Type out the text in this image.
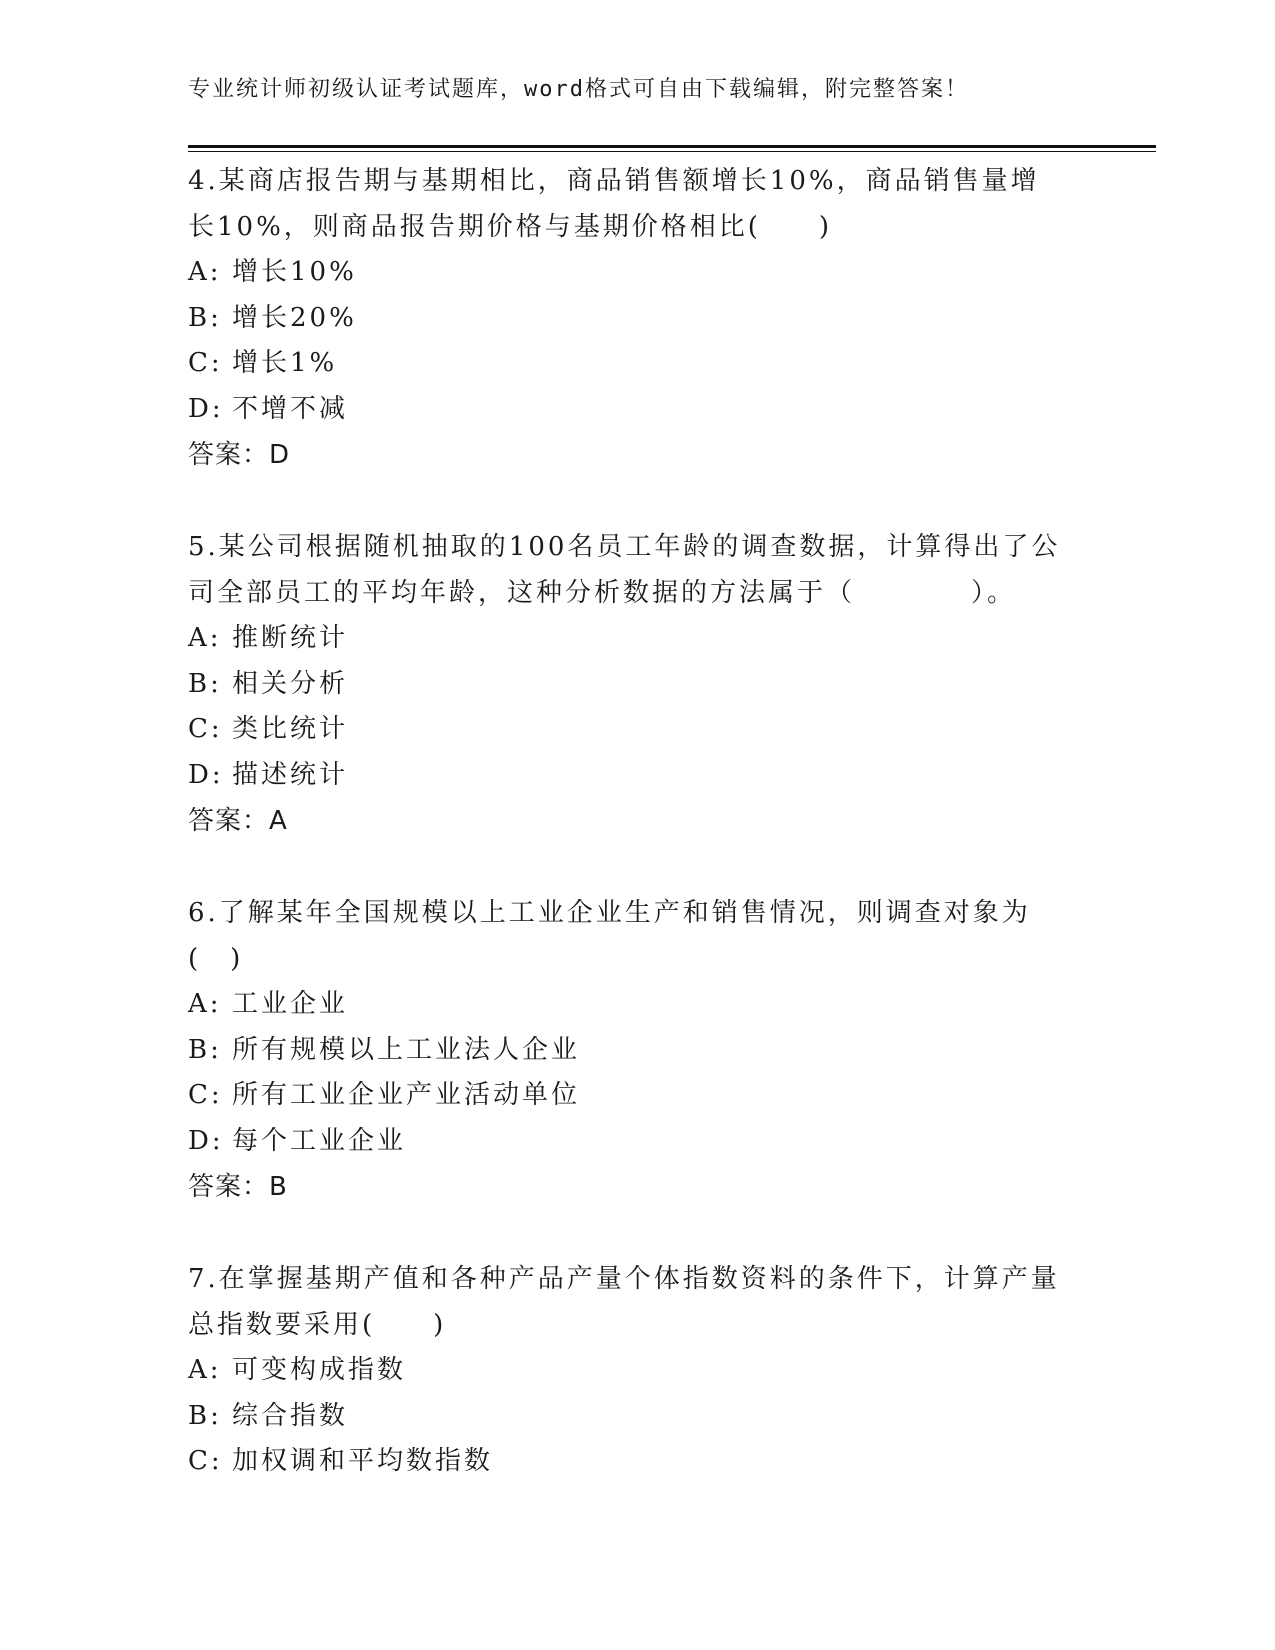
专业统计师初级认证考试题库，word格式可自由下载编辑，附完整答案！
4.某商店报告期与基期相比，商品销售额增长10%，商品销售量增长10%，则商品报告期价格与基期价格相比(　　)
A: 增长10%
B: 增长20%
C: 增长1%
D: 不增不减
答案：D
5.某公司根据随机抽取的100名员工年龄的调查数据，计算得出了公司全部员工的平均年龄，这种分析数据的方法属于（　　　　）。
A: 推断统计
B: 相关分析
C: 类比统计
D: 描述统计
答案：A
6.了解某年全国规模以上工业企业生产和销售情况，则调查对象为(　)
A: 工业企业
B: 所有规模以上工业法人企业
C: 所有工业企业产业活动单位
D: 每个工业企业
答案：B
7.在掌握基期产值和各种产品产量个体指数资料的条件下，计算产量总指数要采用(　　)
A: 可变构成指数
B: 综合指数
C: 加权调和平均数指数
